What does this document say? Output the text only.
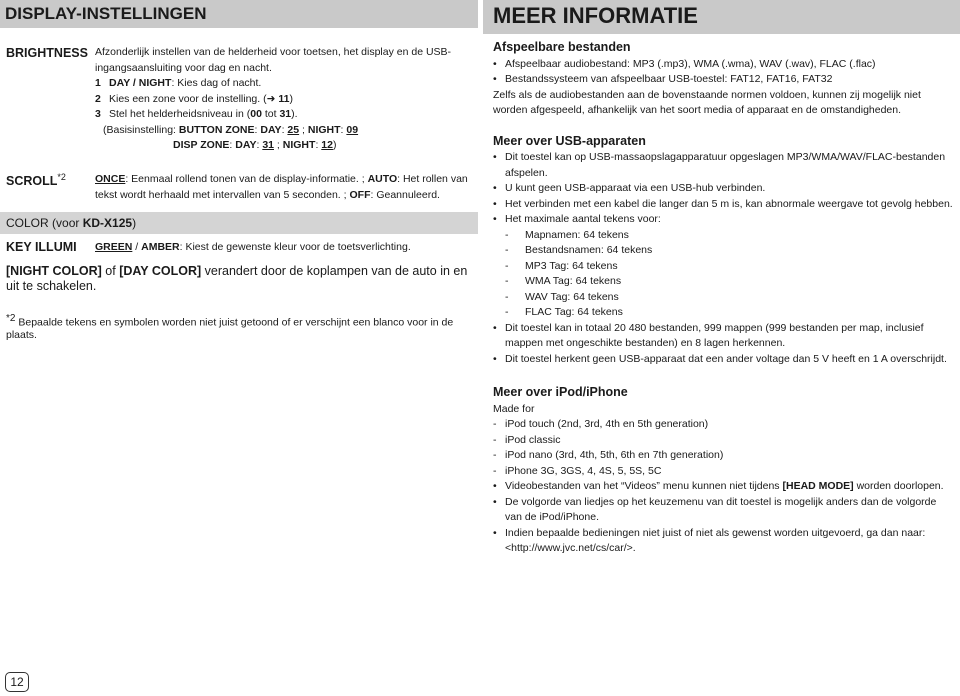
DISPLAY-INSTELLINGEN
BRIGHTNESS Afzonderlijk instellen van de helderheid voor toetsen, het display en de USB-ingangsaansluiting voor dag en nacht.
1 DAY / NIGHT: Kies dag of nacht.
2 Kies een zone voor de instelling. (➜ 11)
3 Stel het helderheidsniveau in (00 tot 31).
(Basisinstelling: BUTTON ZONE: DAY: 25 ; NIGHT: 09
DISP ZONE: DAY: 31 ; NIGHT: 12)
SCROLL$^{*2}$	ONCE: Eenmaal rollend tonen van de display-informatie. ; AUTO: Het rollen van tekst wordt herhaald met intervallen van 5 seconden. ; OFF: Geannuleerd.
COLOR (voor KD-X125)
KEY ILLUMI GREEN / AMBER: Kiest de gewenste kleur voor de toetsverlichting.
[NIGHT COLOR] of [DAY COLOR] verandert door de koplampen van de auto in en uit te schakelen.
$^{*2}$ Bepaalde tekens en symbolen worden niet juist getoond of er verschijnt een blanco voor in de plaats.
12
MEER INFORMATIE
Afspeelbare bestanden
• Afspeelbaar audiobestand: MP3 (.mp3), WMA (.wma), WAV (.wav), FLAC (.flac)
• Bestandssysteem van afspeelbaar USB-toestel: FAT12, FAT16, FAT32
Zelfs als de audiobestanden aan de bovenstaande normen voldoen, kunnen zij mogelijk niet worden afgespeeld, afhankelijk van het soort media of apparaat en de omstandigheden.
Meer over USB-apparaten
• Dit toestel kan op USB-massaopslagapparatuur opgeslagen MP3/WMA/WAV/FLAC-bestanden afspelen.
• U kunt geen USB-apparaat via een USB-hub verbinden.
• Het verbinden met een kabel die langer dan 5 m is, kan abnormale weergave tot gevolg hebben.
• Het maximale aantal tekens voor:
- Mapnamen: 64 tekens
- Bestandsnamen: 64 tekens
- MP3 Tag: 64 tekens
- WMA Tag: 64 tekens
- WAV Tag: 64 tekens
- FLAC Tag: 64 tekens
• Dit toestel kan in totaal 20 480 bestanden, 999 mappen (999 bestanden per map, inclusief mappen met ongeschikte bestanden) en 8 lagen herkennen.
• Dit toestel herkent geen USB-apparaat dat een ander voltage dan 5 V heeft en 1 A overschrijdt.
Meer over iPod/iPhone
Made for
- iPod touch (2nd, 3rd, 4th en 5th generation)
- iPod classic
- iPod nano (3rd, 4th, 5th, 6th en 7th generation)
- iPhone 3G, 3GS, 4, 4S, 5, 5S, 5C
• Videobestanden van het “Videos” menu kunnen niet tijdens [HEAD MODE] worden doorlopen.
• De volgorde van liedjes op het keuzemenu van dit toestel is mogelijk anders dan de volgorde van de iPod/iPhone.
• Indien bepaalde bedieningen niet juist of niet als gewenst worden uitgevoerd, ga dan naar: <http://www.jvc.net/cs/car/>.
